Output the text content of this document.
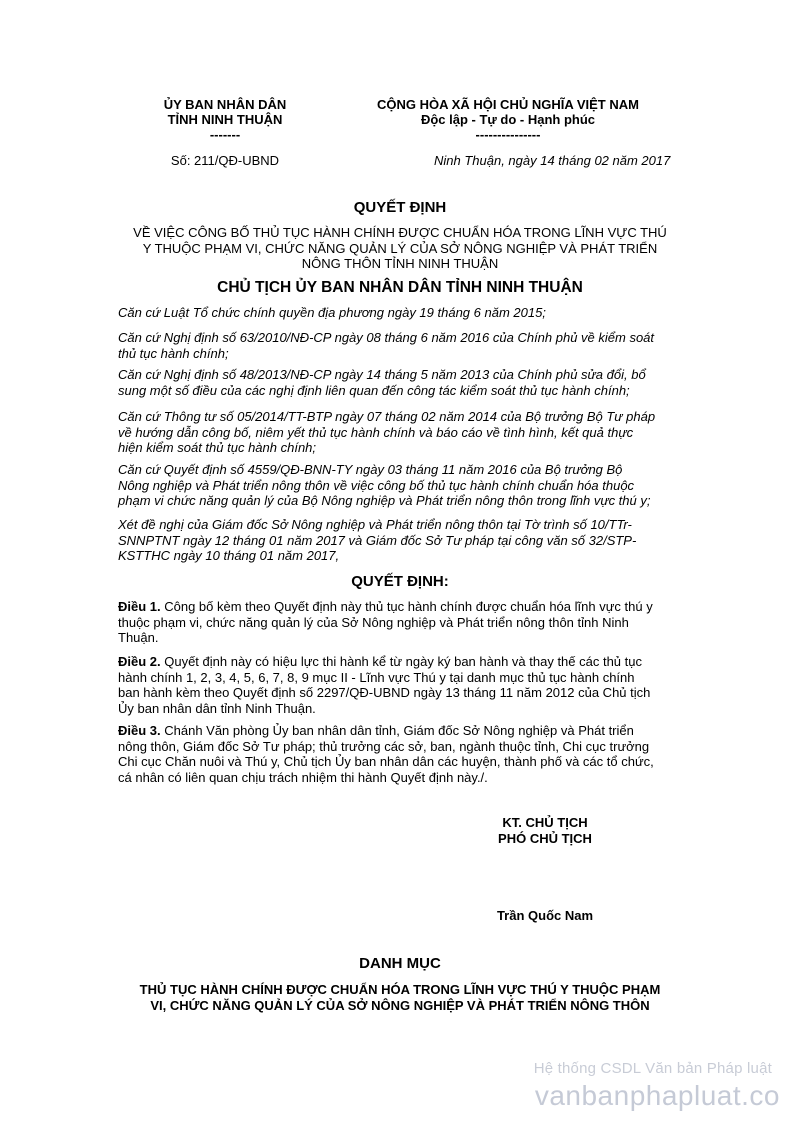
ỦY BAN NHÂN DÂN
TỈNH NINH THUẬN
-------
Số: 211/QĐ-UBND
CỘNG HÒA XÃ HỘI CHỦ NGHĨA VIỆT NAM
Độc lập - Tự do - Hạnh phúc
---------------
Ninh Thuận, ngày 14 tháng 02 năm 2017
QUYẾT ĐỊNH
VỀ VIỆC CÔNG BỐ THỦ TỤC HÀNH CHÍNH ĐƯỢC CHUẨN HÓA TRONG LĨNH VỰC THÚ
Y THUỘC PHẠM VI, CHỨC NĂNG QUẢN LÝ CỦA SỞ NÔNG NGHIỆP VÀ PHÁT TRIỂN
NÔNG THÔN TỈNH NINH THUẬN
CHỦ TỊCH ỦY BAN NHÂN DÂN TỈNH NINH THUẬN
Căn cứ Luật Tổ chức chính quyền địa phương ngày 19 tháng 6 năm 2015;
Căn cứ Nghị định số 63/2010/NĐ-CP ngày 08 tháng 6 năm 2016 của Chính phủ về kiểm soát
thủ tục hành chính;
Căn cứ Nghị định số 48/2013/NĐ-CP ngày 14 tháng 5 năm 2013 của Chính phủ sửa đổi, bổ
sung một số điều của các nghị định liên quan đến công tác kiểm soát thủ tục hành chính;
Căn cứ Thông tư số 05/2014/TT-BTP ngày 07 tháng 02 năm 2014 của Bộ trưởng Bộ Tư pháp
về hướng dẫn công bố, niêm yết thủ tục hành chính và báo cáo về tình hình, kết quả thực
hiện kiểm soát thủ tục hành chính;
Căn cứ Quyết định số 4559/QĐ-BNN-TY ngày 03 tháng 11 năm 2016 của Bộ trưởng Bộ
Nông nghiệp và Phát triển nông thôn về việc công bố thủ tục hành chính chuẩn hóa thuộc
phạm vi chức năng quản lý của Bộ Nông nghiệp và Phát triển nông thôn trong lĩnh vực thú y;
Xét đề nghị của Giám đốc Sở Nông nghiệp và Phát triển nông thôn tại Tờ trình số 10/TTr-
SNNPTNT ngày 12 tháng 01 năm 2017 và Giám đốc Sở Tư pháp tại công văn số 32/STP-
KSTTHC ngày 10 tháng 01 năm 2017,
QUYẾT ĐỊNH:
Điều 1. Công bố kèm theo Quyết định này thủ tục hành chính được chuẩn hóa lĩnh vực thú y
thuộc phạm vi, chức năng quản lý của Sở Nông nghiệp và Phát triển nông thôn tỉnh Ninh
Thuận.
Điều 2. Quyết định này có hiệu lực thi hành kể từ ngày ký ban hành và thay thế các thủ tục
hành chính 1, 2, 3, 4, 5, 6, 7, 8, 9 mục II - Lĩnh vực Thú y tại danh mục thủ tục hành chính
ban hành kèm theo Quyết định số 2297/QĐ-UBND ngày 13 tháng 11 năm 2012 của Chủ tịch
Ủy ban nhân dân tỉnh Ninh Thuận.
Điều 3. Chánh Văn phòng Ủy ban nhân dân tỉnh, Giám đốc Sở Nông nghiệp và Phát triển
nông thôn, Giám đốc Sở Tư pháp; thủ trưởng các sở, ban, ngành thuộc tỉnh, Chi cục trưởng
Chi cục Chăn nuôi và Thú y, Chủ tịch Ủy ban nhân dân các huyện, thành phố và các tổ chức,
cá nhân có liên quan chịu trách nhiệm thi hành Quyết định này./.
KT. CHỦ TỊCH
PHÓ CHỦ TỊCH
Trần Quốc Nam
DANH MỤC
THỦ TỤC HÀNH CHÍNH ĐƯỢC CHUẨN HÓA TRONG LĨNH VỰC THÚ Y THUỘC PHẠM
VI, CHỨC NĂNG QUẢN LÝ CỦA SỞ NÔNG NGHIỆP VÀ PHÁT TRIỂN NÔNG THÔN
Hệ thống CSDL Văn bản Pháp luật
vanbanphapluat.co
